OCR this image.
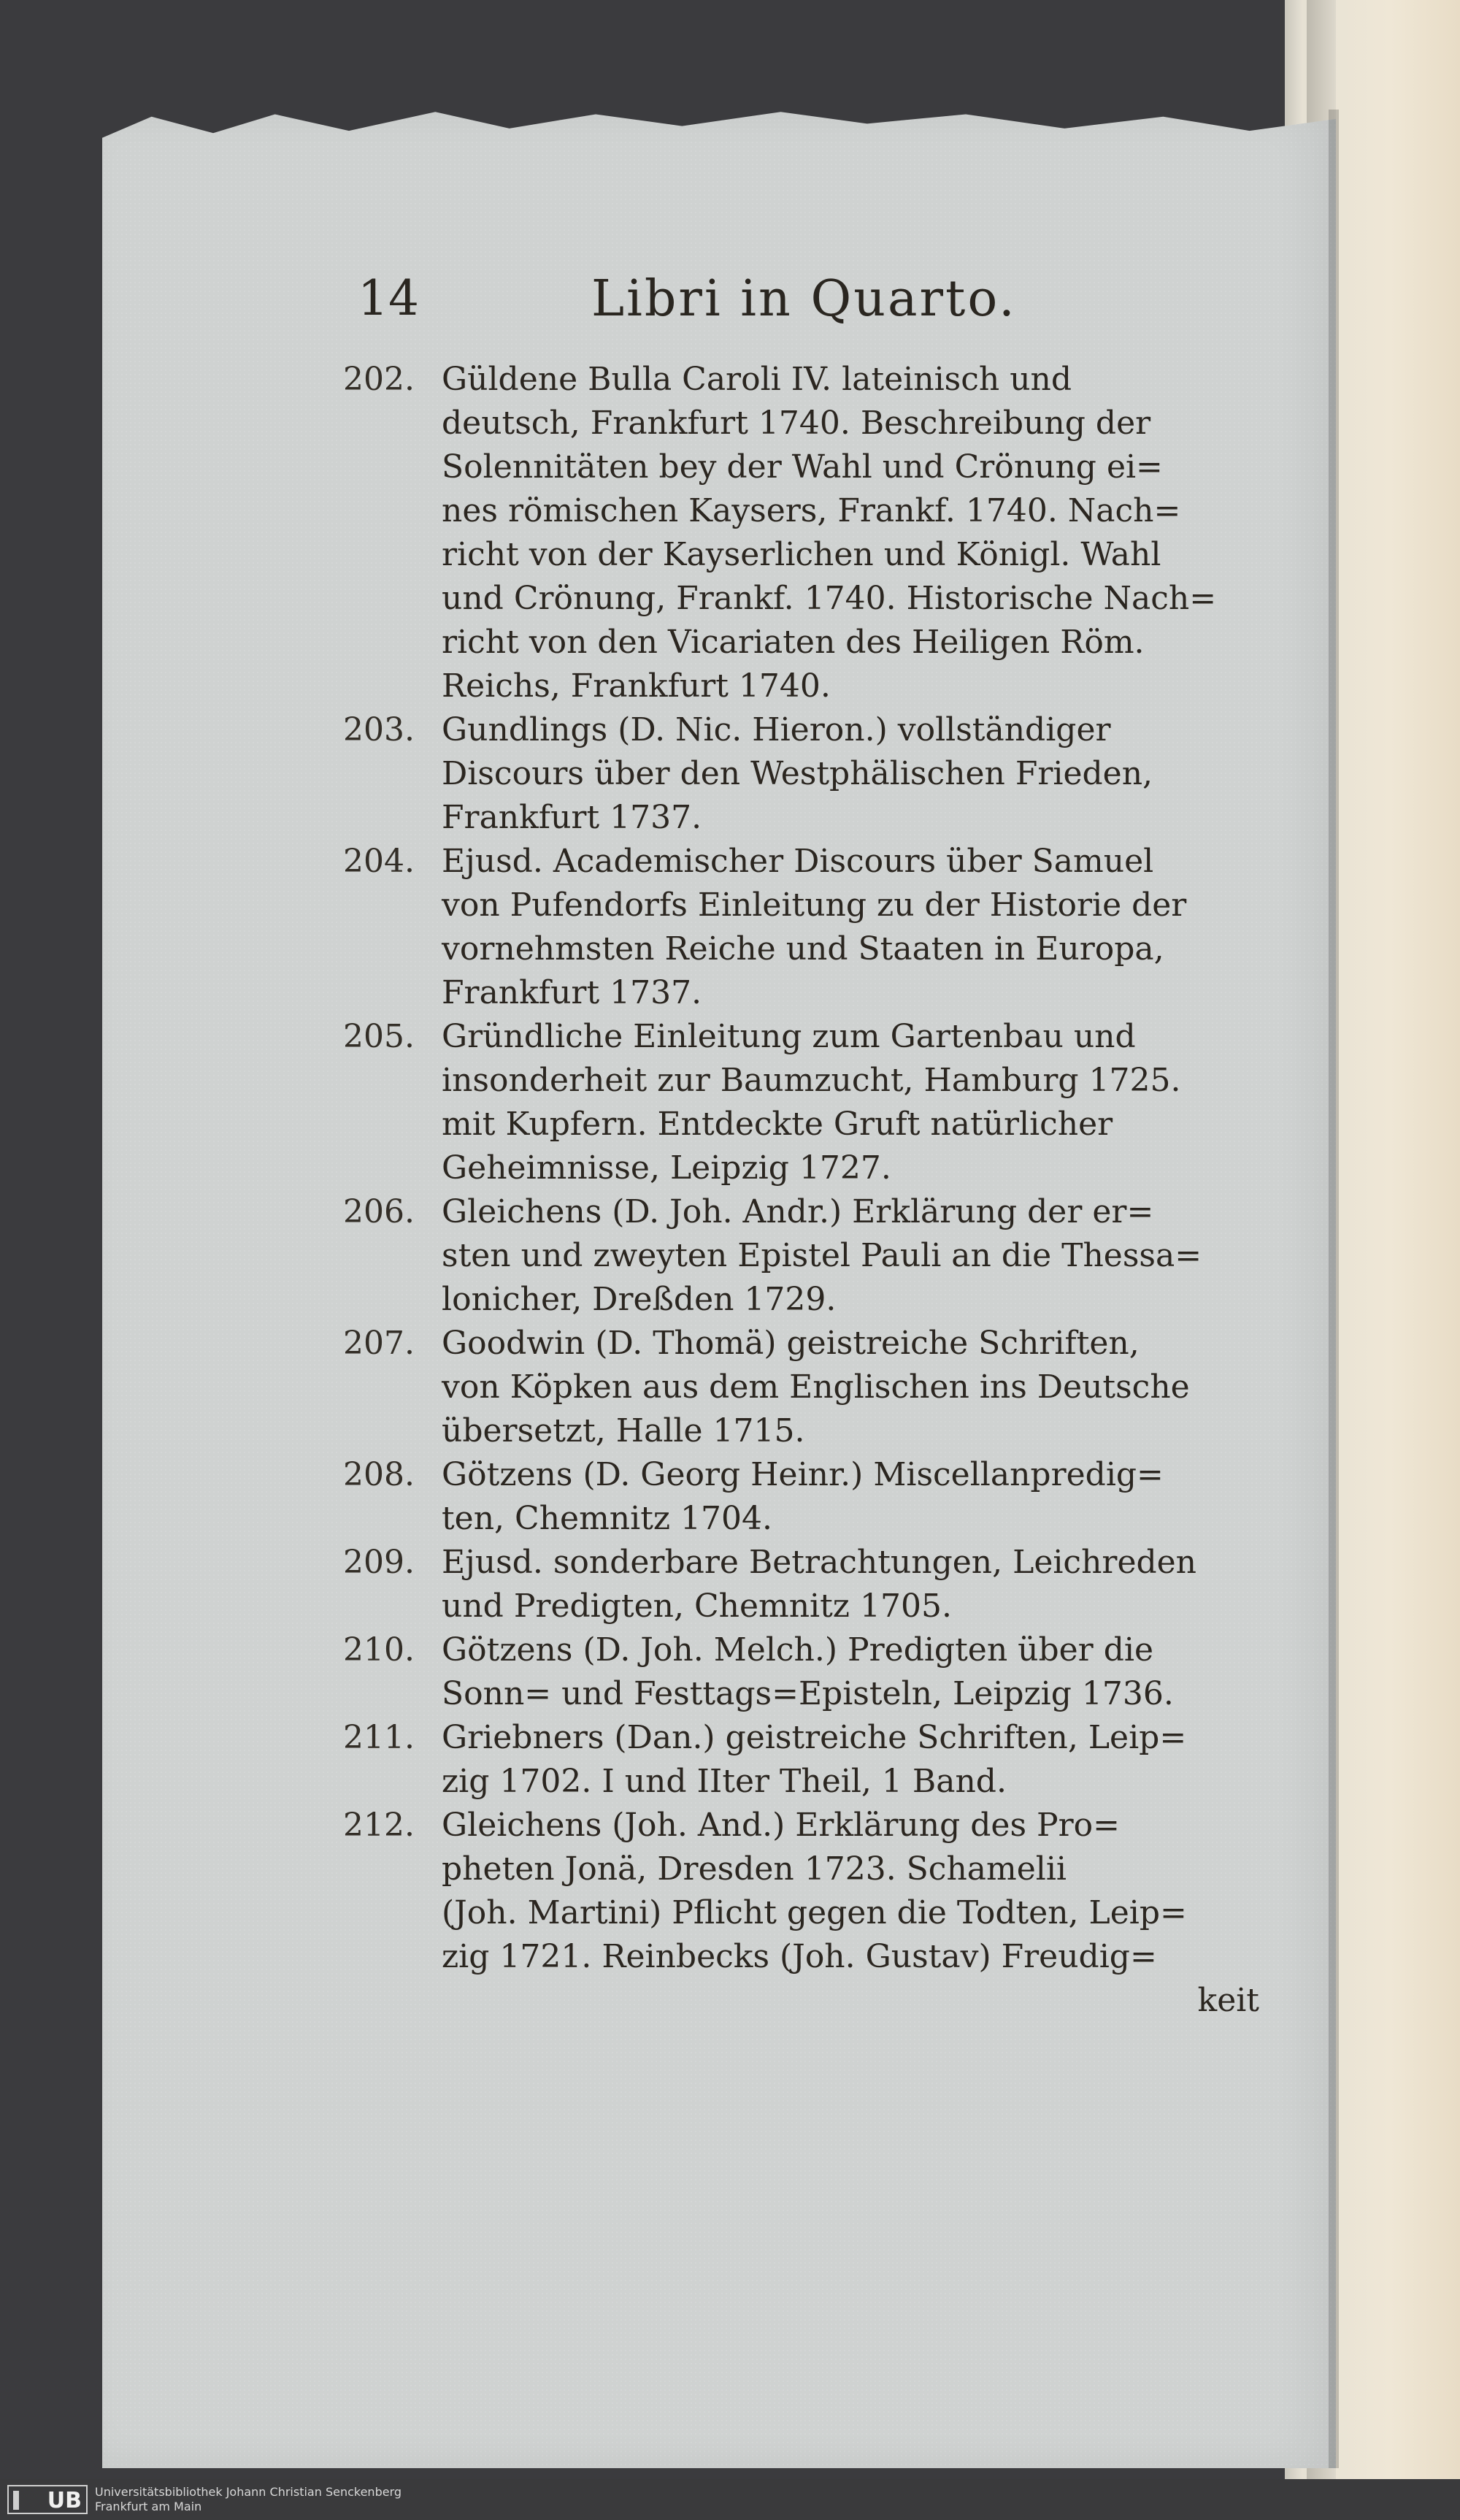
14	Libri in Quarto.
202. Güldene Bulla Caroli IV. lateinisch und
deutsch, Frankfurt 1740. Beschreibung der
Solennitäten bey der Wahl und Crönung ei=
nes römischen Kaysers, Frankf. 1740. Nach=
richt von der Kayserlichen und Königl. Wahl
und Crönung, Frankf. 1740. Historische Nach=
richt von den Vicariaten des Heiligen Röm.
Reichs, Frankfurt 1740.
203. Gundlings (D. Nic. Hieron.) vollständiger
Discours über den Westphälischen Frieden,
Frankfurt 1737.
204. Ejusd. Academischer Discours über Samuel
von Pufendorfs Einleitung zu der Historie der
vornehmsten Reiche und Staaten in Europa,
Frankfurt 1737.
205. Gründliche Einleitung zum Gartenbau und
insonderheit zur Baumzucht, Hamburg 1725.
mit Kupfern. Entdeckte Gruft natürlicher
Geheimnisse, Leipzig 1727.
206. Gleichens (D. Joh. Andr.) Erklärung der er=
sten und zweyten Epistel Pauli an die Thessa=
lonicher, Dreßden 1729.
207. Goodwin (D. Thomä) geistreiche Schriften,
von Köpken aus dem Englischen ins Deutsche
übersetzt, Halle 1715.
208. Götzens (D. Georg Heinr.) Miscellanpredig=
ten, Chemnitz 1704.
209. Ejusd. sonderbare Betrachtungen, Leichreden
und Predigten, Chemnitz 1705.
210. Götzens (D. Joh. Melch.) Predigten über die
Sonn= und Festtags=Episteln, Leipzig 1736.
211. Griebners (Dan.) geistreiche Schriften, Leip=
zig 1702. I und IIter Theil, 1 Band.
212. Gleichens (Joh. And.) Erklärung des Pro=
pheten Jonä, Dresden 1723. Schamelii
(Joh. Martini) Pflicht gegen die Todten, Leip=
zig 1721. Reinbecks (Joh. Gustav) Freudig=
keit
UB	Universitätsbibliothek Johann Christian Senckenberg
Frankfurt am Main
